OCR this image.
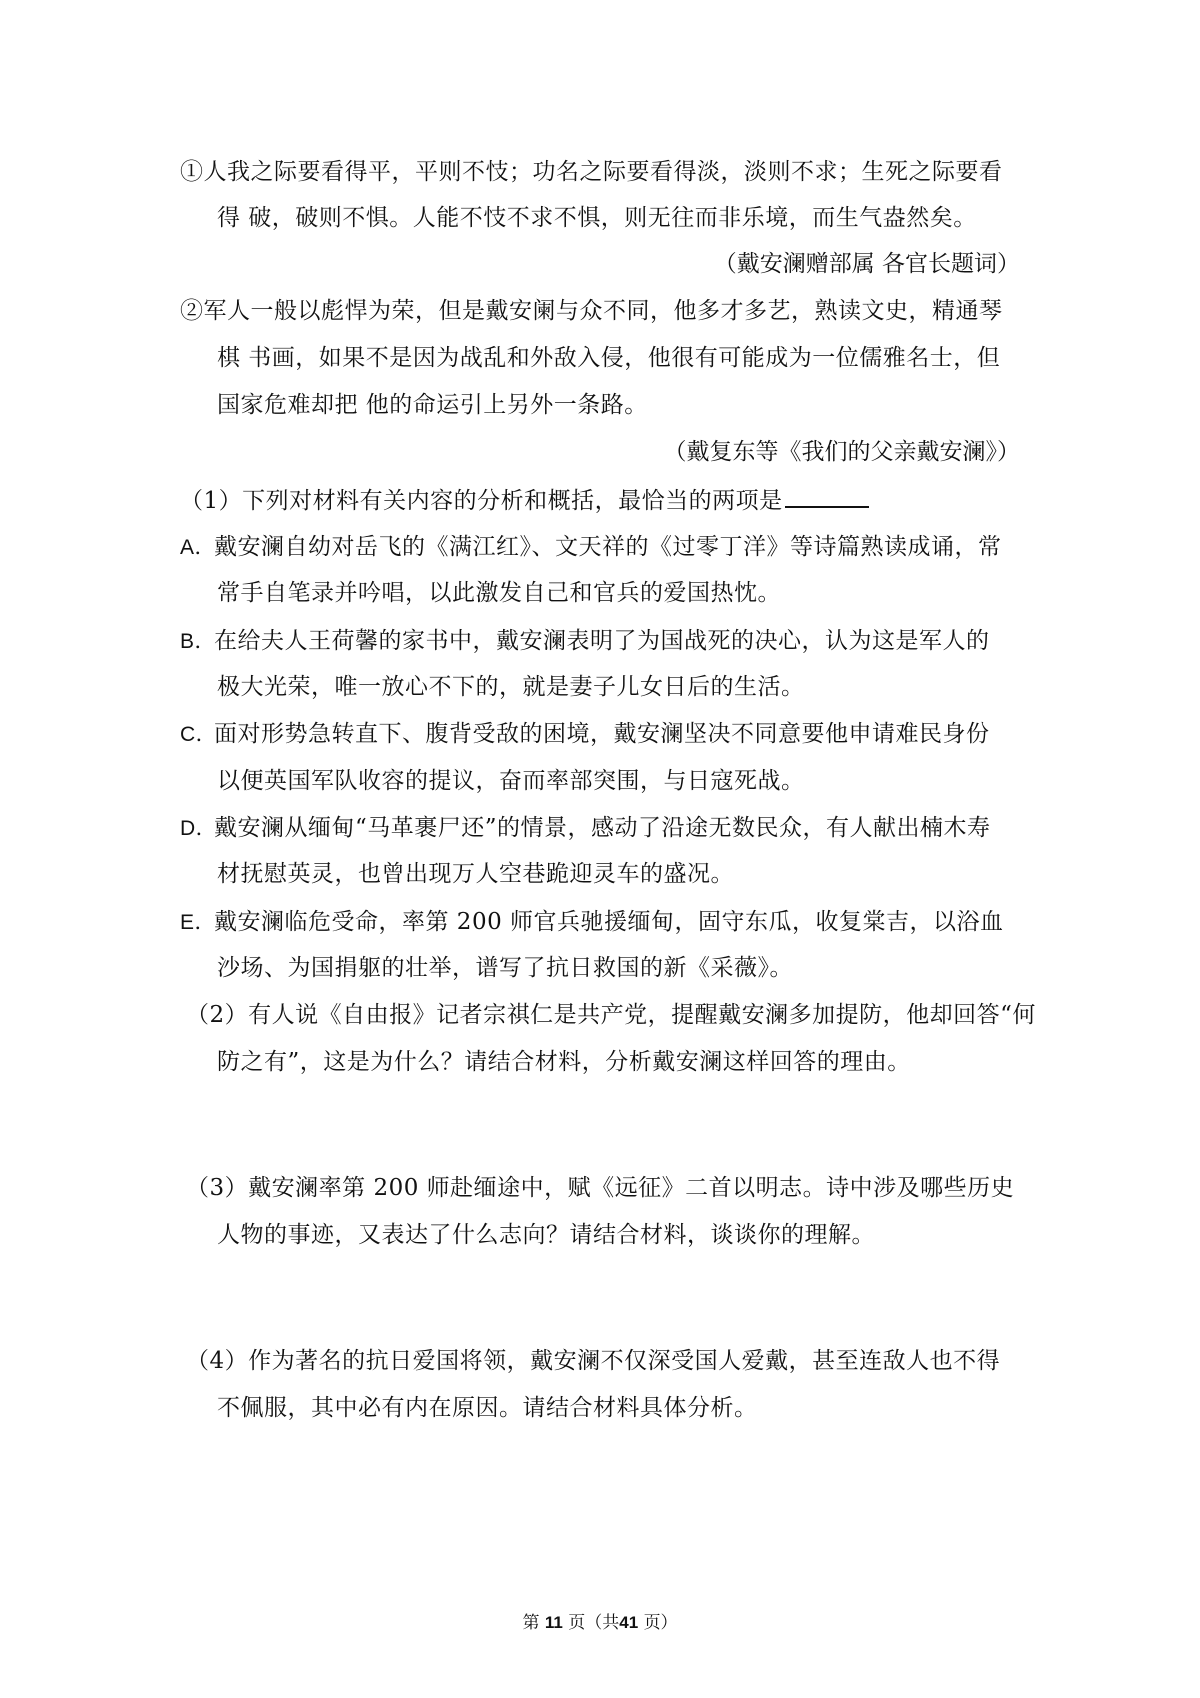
①人我之际要看得平，平则不忮；功名之际要看得淡，淡则不求；生死之际要看
得 破，破则不惧。人能不忮不求不惧，则无往而非乐境，而生气盎然矣。
（戴安澜赠部属 各官长题词）
②军人一般以彪悍为荣，但是戴安阑与众不同，他多才多艺，熟读文史，精通琴
棋 书画，如果不是因为战乱和外敌入侵，他很有可能成为一位儒雅名士，但
国家危难却把 他的命运引上另外一条路。
（戴复东等《我们的父亲戴安澜》）
（1）下列对材料有关内容的分析和概括，最恰当的两项是
A．戴安澜自幼对岳飞的《满江红》、文天祥的《过零丁洋》等诗篇熟读成诵，常
常手自笔录并吟唱，以此激发自己和官兵的爱国热忱。
B．在给夫人王荷馨的家书中，戴安澜表明了为国战死的决心，认为这是军人的
极大光荣，唯一放心不下的，就是妻子儿女日后的生活。
C．面对形势急转直下、腹背受敌的困境，戴安澜坚决不同意要他申请难民身份
以便英国军队收容的提议，奋而率部突围，与日寇死战。
D．戴安澜从缅甸“马革裹尸还”的情景，感动了沿途无数民众，有人献出楠木寿
材抚慰英灵，也曾出现万人空巷跪迎灵车的盛况。
E．戴安澜临危受命，率第 200 师官兵驰援缅甸，固守东瓜，收复棠吉，以浴血
沙场、为国捐躯的壮举，谱写了抗日救国的新《采薇》。
（2）有人说《自由报》记者宗祺仁是共产党，提醒戴安澜多加提防，他却回答“何
防之有”，这是为什么？请结合材料，分析戴安澜这样回答的理由。
（3）戴安澜率第 200 师赴缅途中，赋《远征》二首以明志。诗中涉及哪些历史
人物的事迹，又表达了什么志向？请结合材料，谈谈你的理解。
（4）作为著名的抗日爱国将领，戴安澜不仅深受国人爱戴，甚至连敌人也不得
不佩服，其中必有内在原因。请结合材料具体分析。
第 11 页（共41 页）
